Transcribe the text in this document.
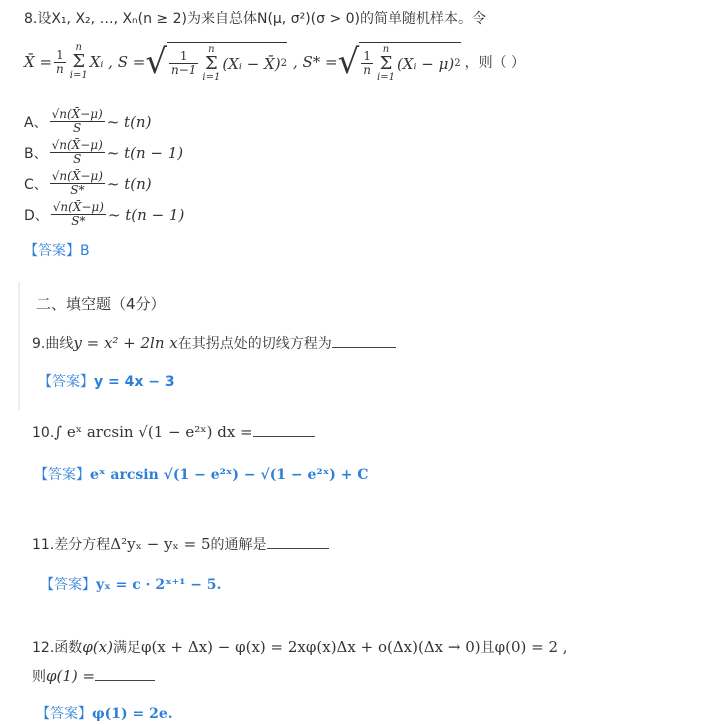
8.设X₁, X₂, …, Xₙ(n ≥ 2)为来自总体N(μ, σ²)(σ > 0)的简单随机样本。令
X̄ = $\frac{1}{n}$
n
Σ
i=1
Xᵢ , S = √ $\frac{1}{n-1}$
n
Σ
i=1
(Xᵢ − X̄) 2 , S* = √ $\frac{1}{n}$
n
Σ
i=1
(Xᵢ − μ) 2 ，则（ ）
A、 $\frac{√n(X̄-\mu)}{S}$ ~ t(n)
B、 $\frac{√n(X̄-\mu)}{S}$ ~ t(n − 1)
C、 $\frac{√n(X̄-\mu)}{S*}$ ~ t(n)
D、 $\frac{√n(X̄-\mu)}{S*}$ ~ t(n − 1)
【答案】B
二、填空题（4分）
9.曲线y = x² + 2ln x在其拐点处的切线方程为
【答案】y = 4x − 3
10.∫ eˣ arcsin √(1 − e²ˣ) dx =
【答案】eˣ arcsin √(1 − e²ˣ) − √(1 − e²ˣ) + C
11.差分方程Δ²yₓ − yₓ = 5的通解是
【答案】yₓ = c · 2ˣ⁺¹ − 5.
12.函数φ(x)满足φ(x + Δx) − φ(x) = 2xφ(x)Δx + o(Δx)(Δx → 0)且φ(0) = 2 ,
则φ(1) =
【答案】φ(1) = 2e.
